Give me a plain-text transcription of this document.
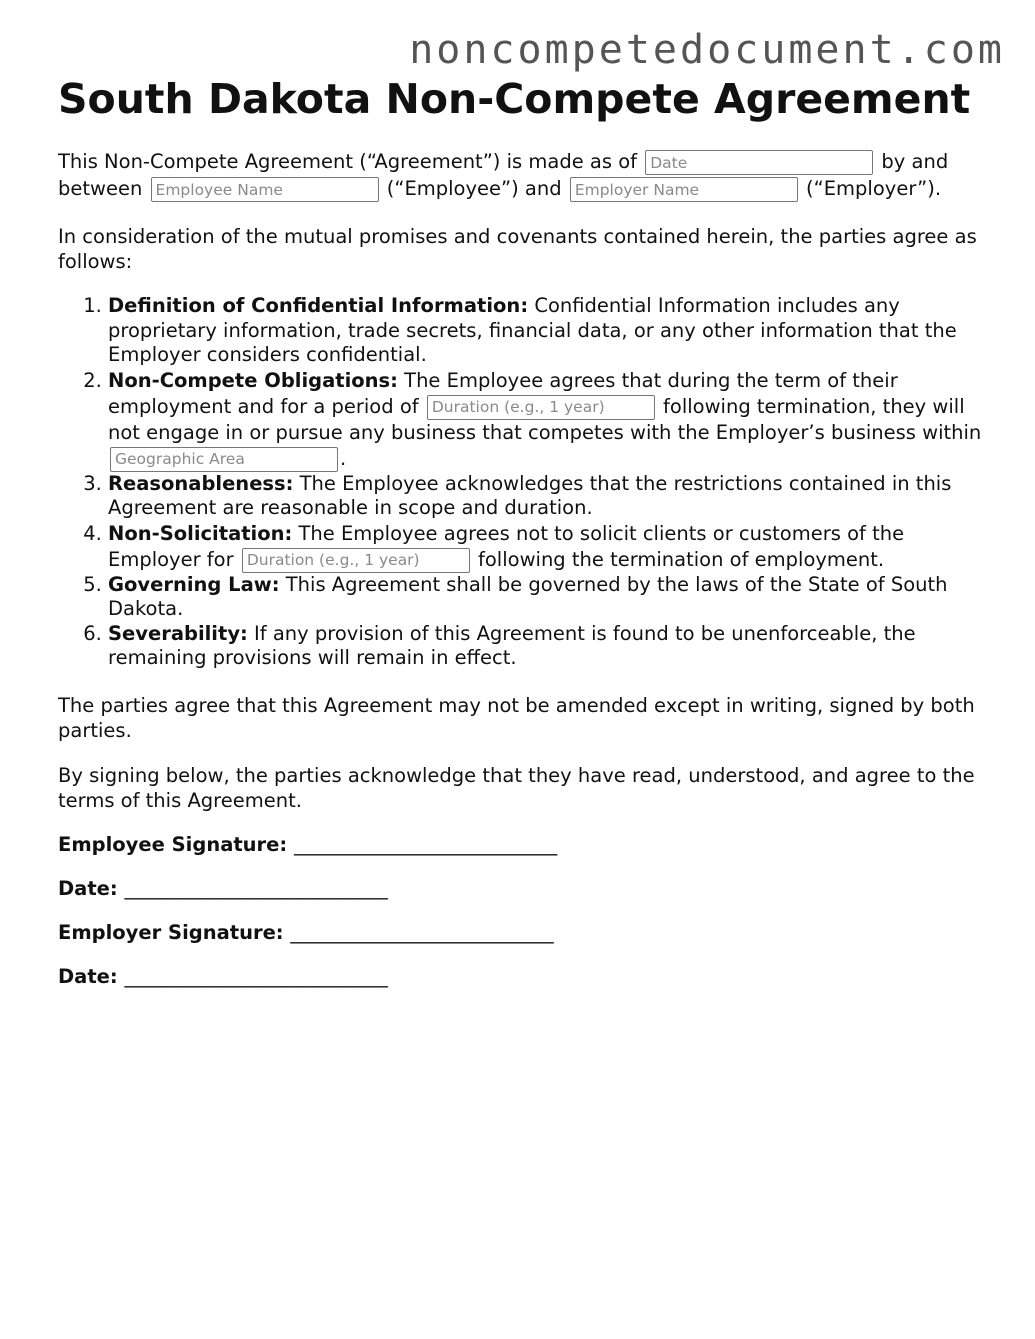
noncompetedocument.com
South Dakota Non-Compete Agreement

This Non-Compete Agreement (“Agreement”) is made as of Date	by and between Employee Name	(“Employee”) and Employer Name	(“Employer”).

In consideration of the mutual promises and covenants contained herein, the parties agree as follows:

1. Definition of Confidential Information: Confidential Information includes any proprietary information, trade secrets, financial data, or any other information that the Employer considers confidential.
2. Non-Compete Obligations: The Employee agrees that during the term of their employment and for a period of Duration (e.g., 1 year)	following termination, they will not engage in or pursue any business that competes with the Employer’s business within Geographic Area.
3. Reasonableness: The Employee acknowledges that the restrictions contained in this Agreement are reasonable in scope and duration.
4. Non-Solicitation: The Employee agrees not to solicit clients or customers of the Employer for Duration (e.g., 1 year)	following the termination of employment.
5. Governing Law: This Agreement shall be governed by the laws of the State of South Dakota.
6. Severability: If any provision of this Agreement is found to be unenforceable, the remaining provisions will remain in effect.

The parties agree that this Agreement may not be amended except in writing, signed by both parties.

By signing below, the parties acknowledge that they have read, understood, and agree to the terms of this Agreement.

Employee Signature: ___________________________
Date: ___________________________
Employer Signature: ___________________________
Date: ___________________________
